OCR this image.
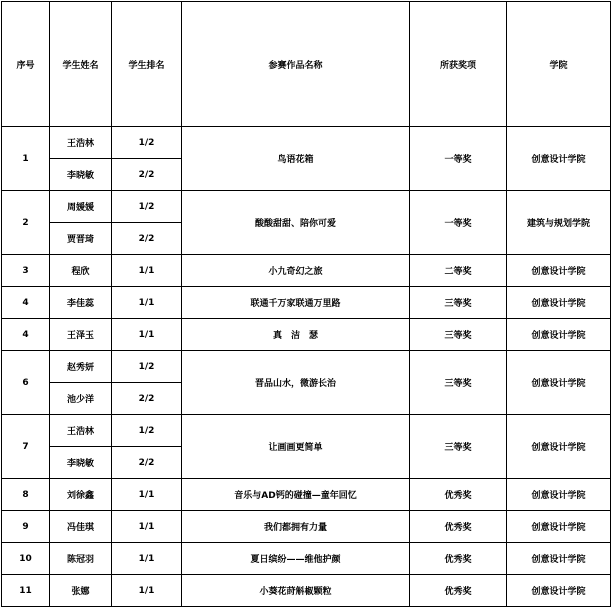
序号	学生姓名	学生排名	参赛作品名称	所获奖项	学院
1	王浩林	1/2	鸟语花箱	一等奖	创意设计学院
	李晓敏	2/2			
2	周媛媛	1/2	酸酸甜甜、陪你可爱	一等奖	建筑与规划学院
	贾晋琦	2/2			
3	程欣	1/1	小九奇幻之旅	二等奖	创意设计学院
4	李佳蕊	1/1	联通千万家联通万里路	三等奖	创意设计学院
4	王泽玉	1/1	真　洁　瑟	三等奖	创意设计学院
6	赵秀妍	1/2	晋品山水，微游长治	三等奖	创意设计学院
	池少洋	2/2			
7	王浩林	1/2	让画画更简单	三等奖	创意设计学院
	李晓敏	2/2			
8	刘徐鑫	1/1	音乐与AD钙的碰撞—童年回忆	优秀奖	创意设计学院
9	冯佳琪	1/1	我们都拥有力量	优秀奖	创意设计学院
10	陈冠羽	1/1	夏日缤纷——维他护颜	优秀奖	创意设计学院
11	张娜	1/1	小葵花莳斛椒颗粒	优秀奖	创意设计学院
